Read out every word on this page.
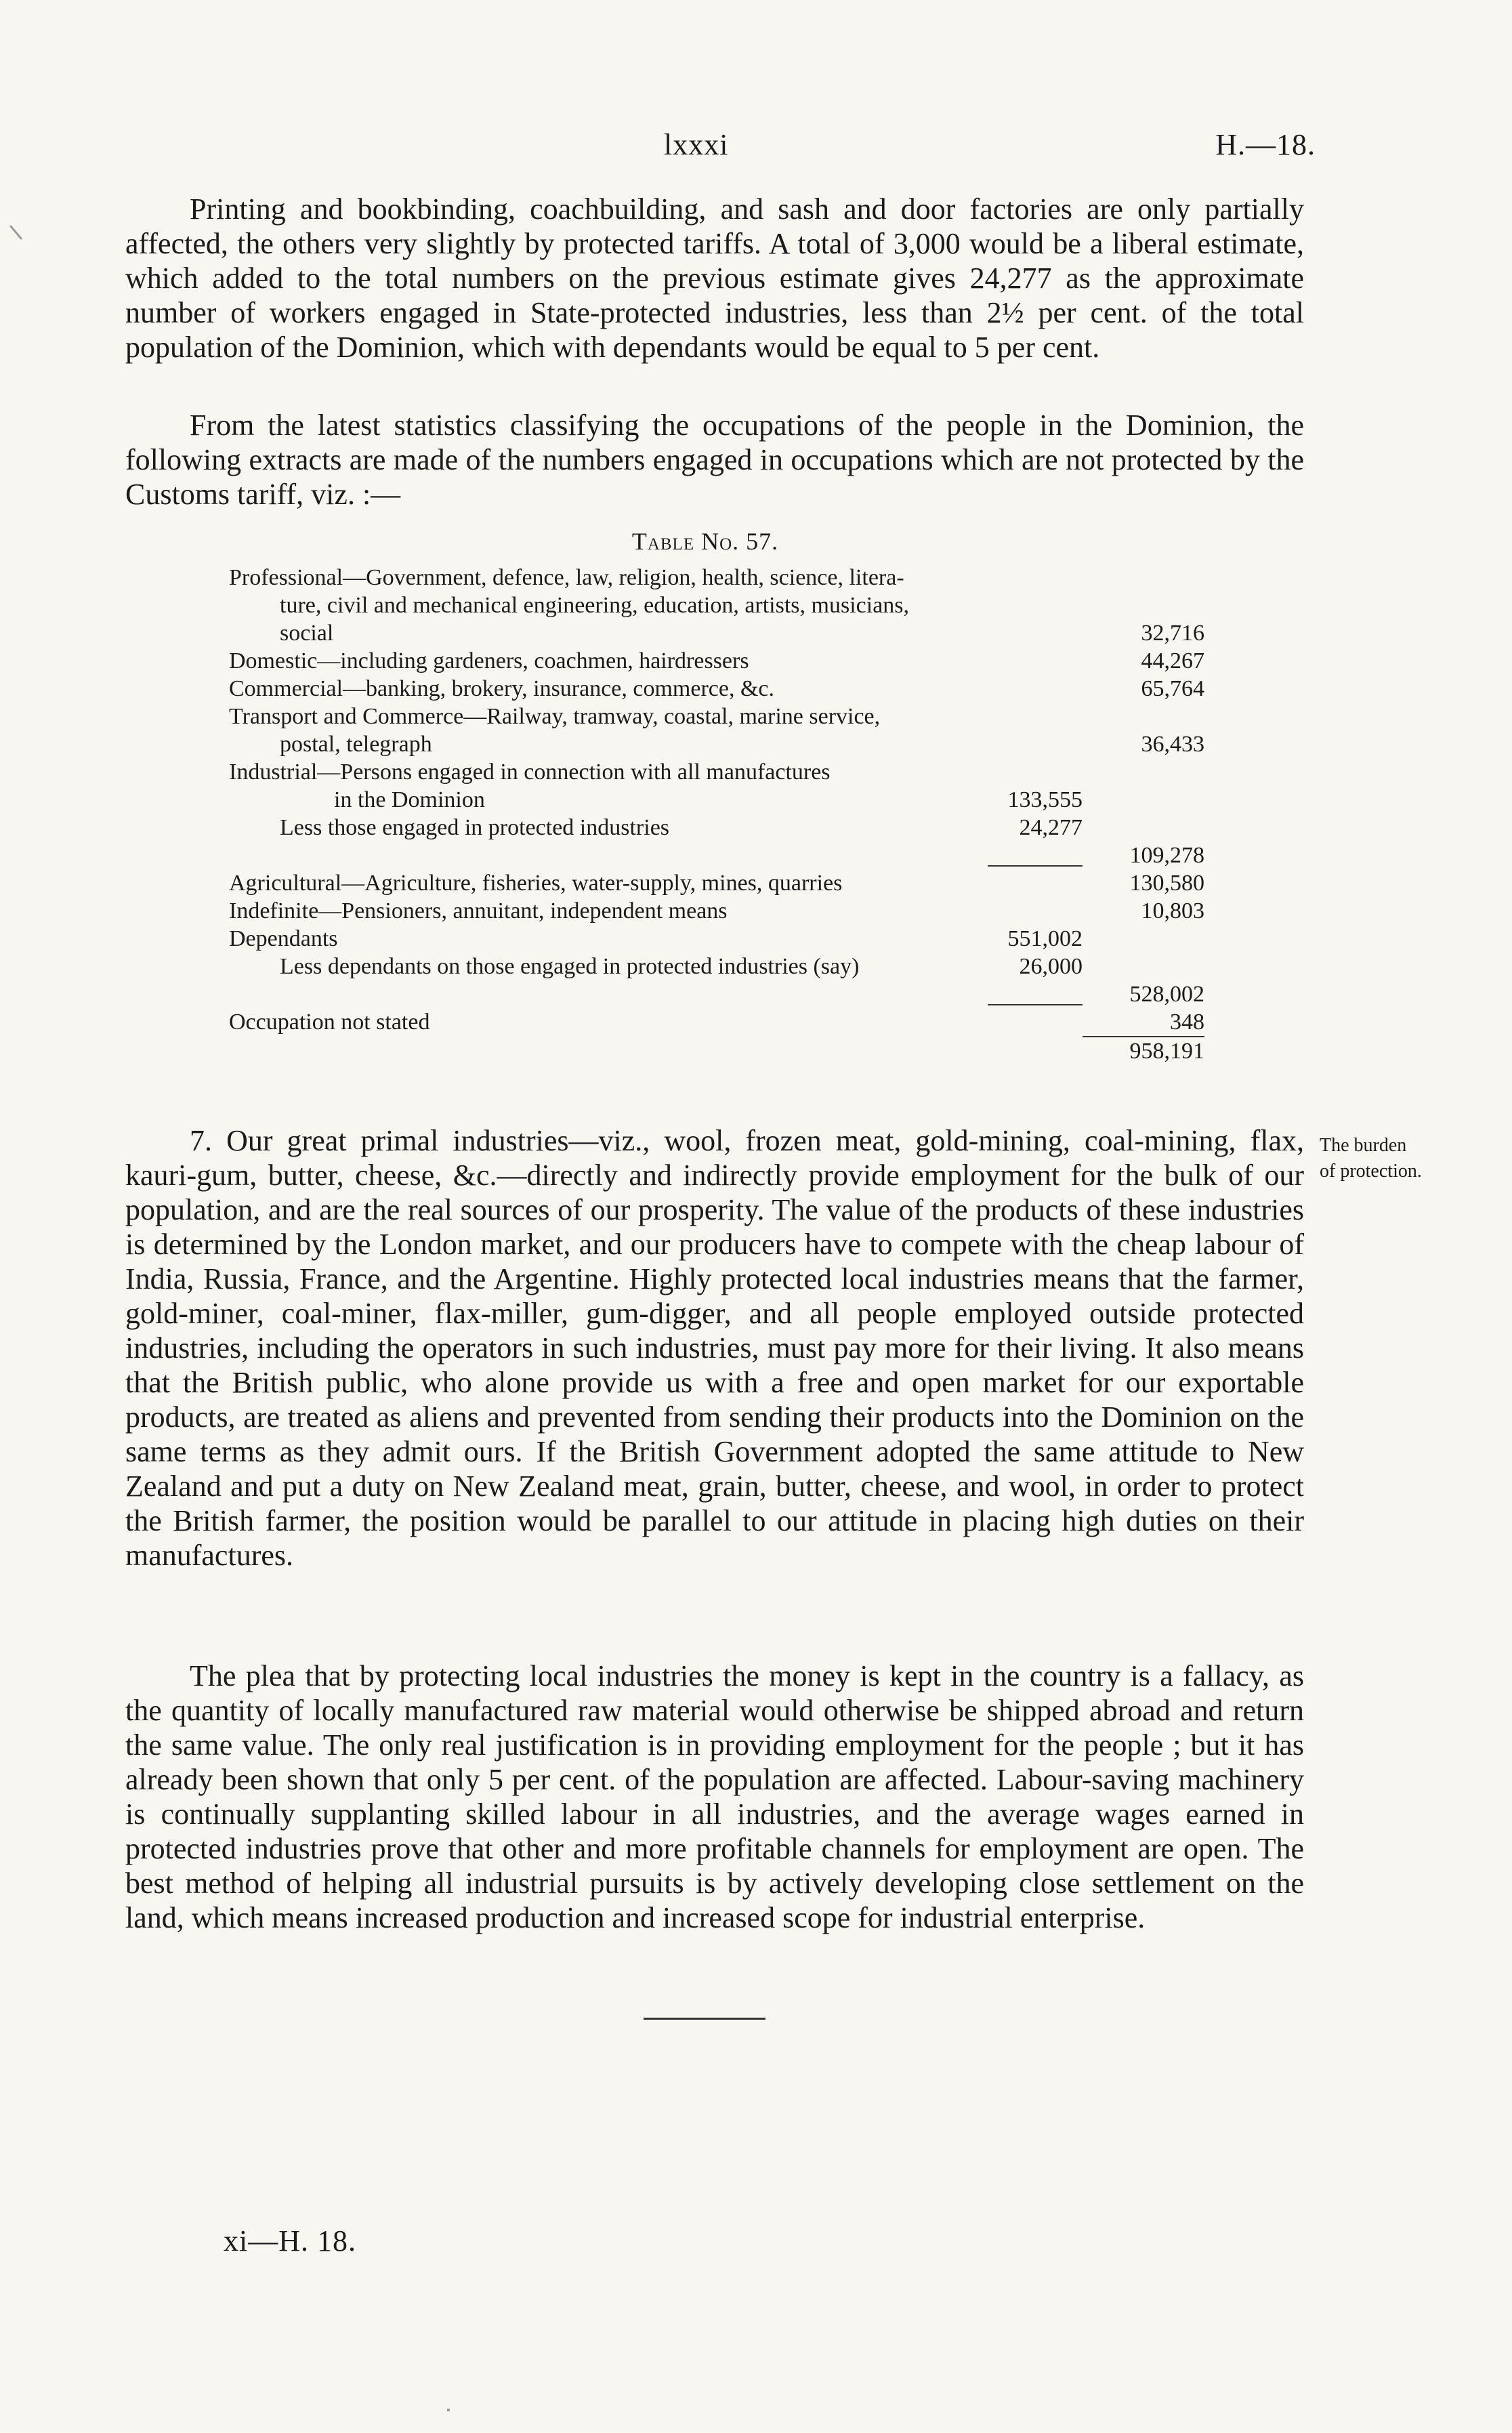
lxxxi	H.—18.

Printing and bookbinding, coachbuilding, and sash and door factories are only partially affected, the others very slightly by protected tariffs. A total of 3,000 would be a liberal estimate, which added to the total numbers on the previous estimate gives 24,277 as the approximate number of workers engaged in State-protected industries, less than 2½ per cent. of the total population of the Dominion, which with dependants would be equal to 5 per cent.

From the latest statistics classifying the occupations of the people in the Dominion, the following extracts are made of the numbers engaged in occupations which are not protected by the Customs tariff, viz. :—

Table No. 57.
Professional—Government, defence, law, religion, health, science, litera-		
ture, civil and mechanical engineering, education, artists, musicians,		
social		32,716
Domestic—including gardeners, coachmen, hairdressers		44,267
Commercial—banking, brokery, insurance, commerce, &c.		65,764
Transport and Commerce—Railway, tramway, coastal, marine service,		
postal, telegraph		36,433
Industrial—Persons engaged in connection with all manufactures		
in the Dominion	133,555	
Less those engaged in protected industries	24,277	

	109,278
Agricultural—Agriculture, fisheries, water-supply, mines, quarries		130,580
Indefinite—Pensioners, annuitant, independent means		10,803
Dependants	551,002	
Less dependants on those engaged in protected industries (say)	26,000	

	528,002
Occupation not stated		348

		958,191

7. Our great primal industries—viz., wool, frozen meat, gold-mining, coal-mining, flax, kauri-gum, butter, cheese, &c.—directly and indirectly provide employment for the bulk of our population, and are the real sources of our prosperity. The value of the products of these industries is determined by the London market, and our producers have to compete with the cheap labour of India, Russia, France, and the Argentine. Highly protected local industries means that the farmer, gold-miner, coal-miner, flax-miller, gum-digger, and all people employed outside protected industries, including the operators in such industries, must pay more for their living. It also means that the British public, who alone provide us with a free and open market for our exportable products, are treated as aliens and prevented from sending their products into the Dominion on the same terms as they admit ours. If the British Government adopted the same attitude to New Zealand and put a duty on New Zealand meat, grain, butter, cheese, and wool, in order to protect the British farmer, the position would be parallel to our attitude in placing high duties on their manufactures.

The burden
of protection.

The plea that by protecting local industries the money is kept in the country is a fallacy, as the quantity of locally manufactured raw material would otherwise be shipped abroad and return the same value. The only real justification is in providing employment for the people ; but it has already been shown that only 5 per cent. of the population are affected. Labour-saving machinery is continually supplanting skilled labour in all industries, and the average wages earned in protected industries prove that other and more profitable channels for employment are open. The best method of helping all industrial pursuits is by actively developing close settlement on the land, which means increased production and increased scope for industrial enterprise.

xi—H. 18.
